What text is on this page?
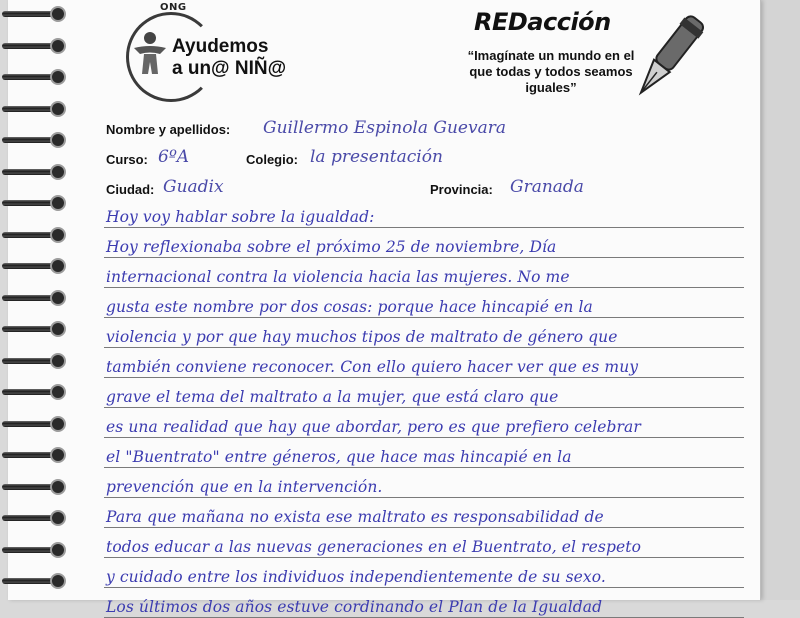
ONG
Ayudemos
a un@ NIÑ@
REDacción
“Imagínate un mundo en el que todas y todos seamos iguales”
Nombre y apellidos: Guillermo Espinola Guevara
Curso: 6ºA	Colegio: la presentación
Ciudad: Guadix	Provincia: Granada
Hoy voy hablar sobre la igualdad:
Hoy reflexionaba sobre el próximo 25 de noviembre, Día
internacional contra la violencia hacia las mujeres. No me
gusta este nombre por dos cosas: porque hace hincapié en la
violencia y por que hay muchos tipos de maltrato de género que
también conviene reconocer. Con ello quiero hacer ver que es muy
grave el tema del maltrato a la mujer, que está claro que
es una realidad que hay que abordar, pero es que prefiero celebrar
el "Buentrato" entre géneros, que hace mas hincapié en la
prevención que en la intervención.
Para que mañana no exista ese maltrato es responsabilidad de
todos educar a las nuevas generaciones en el Buentrato, el respeto
y cuidado entre los individuos independientemente de su sexo.
Los últimos dos años estuve cordinando el Plan de la Igualdad
